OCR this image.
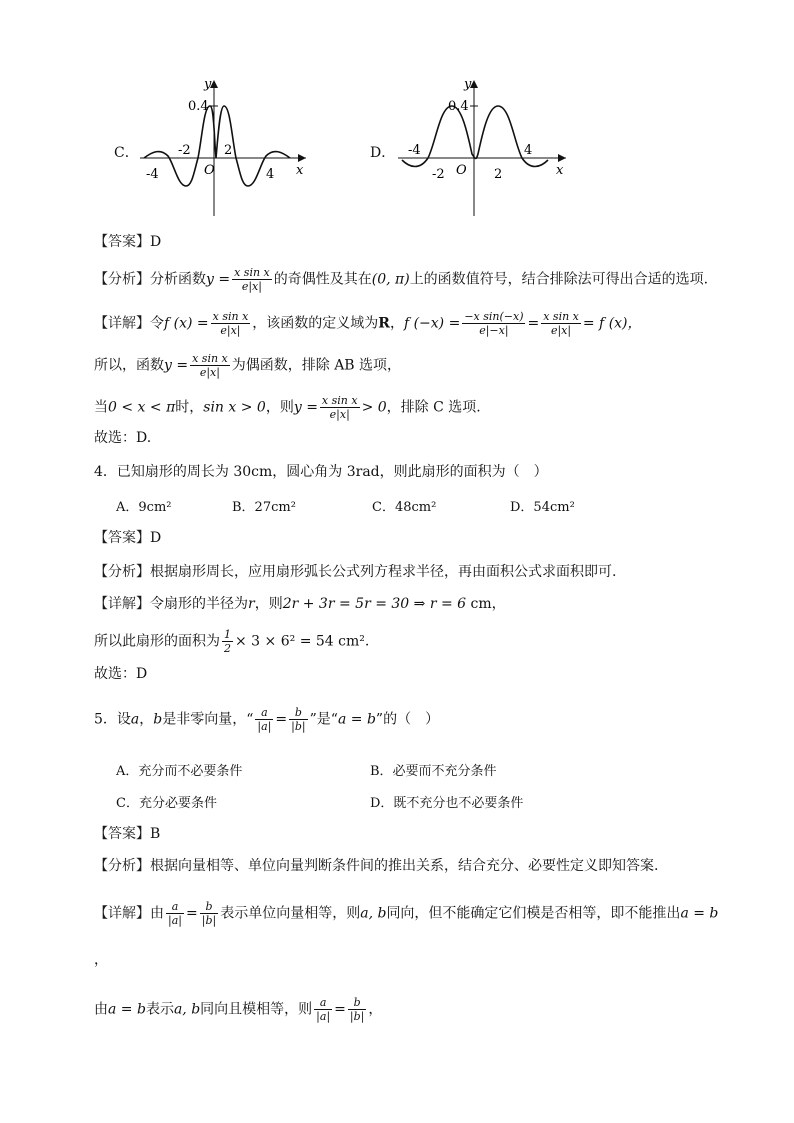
C．
y
x
0.4
O
-4
-2	2
4
D．
y
x
0.4
O
-4
-2	2
4
【答案】D
【分析】分析函数$y = \frac{\text{x sin x}}{e|x|}$ 的奇偶性及其在(0, π)上的函数值符号，结合排除法可得出合适的选项.
【详解】令f $(x) = \frac{\text{x sin x}}{e|x|}$ ，该函数的定义域为R，f $(-x) = \frac{\text{−x sin(−x)}}{e|-x|} = \frac{\text{x sin x}}{e|x|} = f$ (x)，
所以，函数$y = \frac{\text{x sin x}}{e|x|}$ 为偶函数，排除 AB 选项，
当0 < x < π时，sin x > 0，则$y = \frac{\text{x sin x}}{e|x|} > 0$，排除 C 选项.
故选：D.
4．已知扇形的周长为 30cm，圆心角为 3rad，则此扇形的面积为（　）
A．9cm²	B．27cm²	C．48cm²	D．54cm²
【答案】D
【分析】根据扇形周长，应用扇形弧长公式列方程求半径，再由面积公式求面积即可.
【详解】令扇形的半径为r，则2r + 3r = 5r = 30 ⇒ r = 6 cm，
所以此扇形的面积为 $\frac{1}{2} \times 3 \times 6^2 = 54$ cm².
故选：D
5．设a，b是非零向量，“ $\frac{a}{|a|} = \frac{b}{|b|}$ ”是“a = b”的（　）
A．充分而不必要条件	B．必要而不充分条件
C．充分必要条件	D．既不充分也不必要条件
【答案】B
【分析】根据向量相等、单位向量判断条件间的推出关系，结合充分、必要性定义即知答案.
【详解】由 $\frac{a}{|a|} = \frac{b}{|b|}$ 表示单位向量相等，则a, b同向，但不能确定它们模是否相等，即不能推出a = b
，
由a = b表示a, b同向且模相等，则 $\frac{a}{|a|} = \frac{b}{|b|}$ ，
